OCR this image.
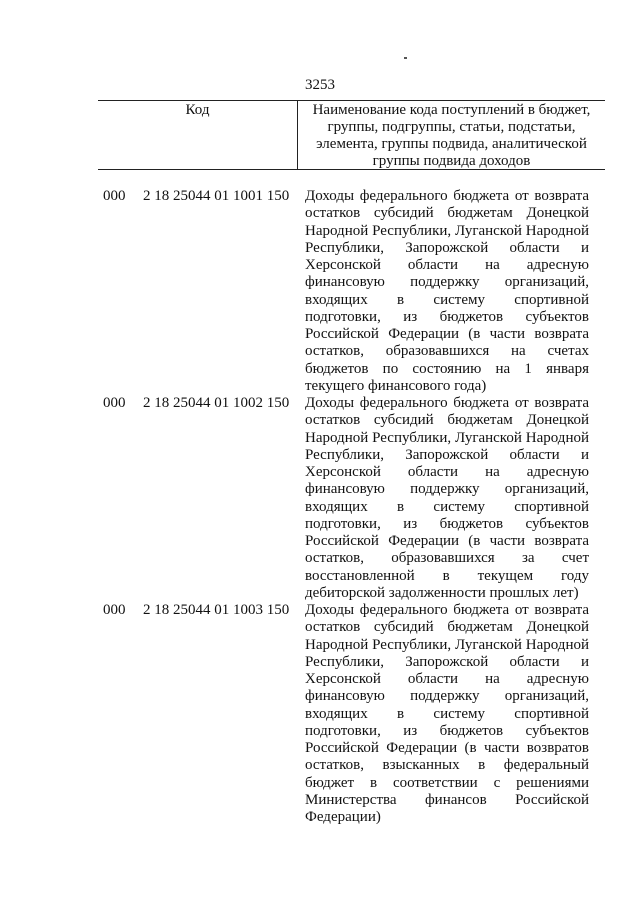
3253
Код	Наименование кода поступлений в бюджет, группы, подгруппы, статьи, подстатьи, элемента, группы подвида, аналитической группы подвида доходов
000 2 18 25044 01 1001 150 Доходы федерального бюджета от возврата остатков субсидий бюджетам Донецкой Народной Республики, Луганской Народной Республики, Запорожской области и Херсонской области на адресную финансовую поддержку организаций, входящих в систему спортивной подготовки, из бюджетов субъектов Российской Федерации (в части возврата остатков, образовавшихся на счетах бюджетов по состоянию на 1 января текущего финансового года)
000 2 18 25044 01 1002 150 Доходы федерального бюджета от возврата остатков субсидий бюджетам Донецкой Народной Республики, Луганской Народной Республики, Запорожской области и Херсонской области на адресную финансовую поддержку организаций, входящих в систему спортивной подготовки, из бюджетов субъектов Российской Федерации (в части возврата остатков, образовавшихся за счет восстановленной в текущем году дебиторской задолженности прошлых лет)
000 2 18 25044 01 1003 150 Доходы федерального бюджета от возврата остатков субсидий бюджетам Донецкой Народной Республики, Луганской Народной Республики, Запорожской области и Херсонской области на адресную финансовую поддержку организаций, входящих в систему спортивной подготовки, из бюджетов субъектов Российской Федерации (в части возвратов остатков, взысканных в федеральный бюджет в соответствии с решениями Министерства финансов Российской Федерации)
